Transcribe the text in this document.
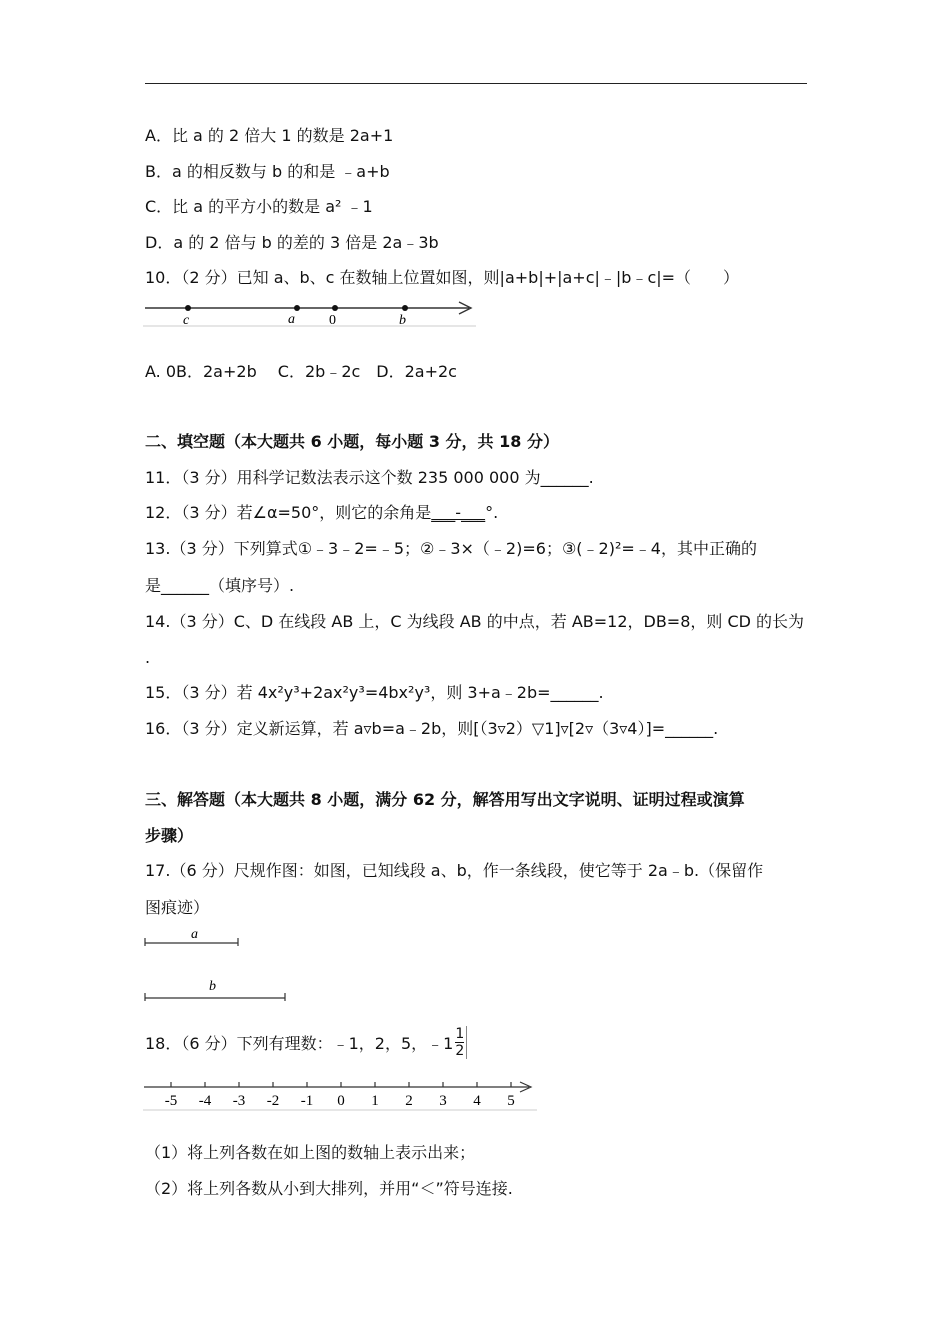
A．比 a 的 2 倍大 1 的数是 2a+1
B．a 的相反数与 b 的和是 ﹣a+b
C．比 a 的平方小的数是 a² ﹣1
D．a 的 2 倍与 b 的差的 3 倍是 2a﹣3b
10．（2 分）已知 a、b、c 在数轴上位置如图，则|a+b|+|a+c|﹣|b﹣c|=（　　）
c	a 0	b
A. 0B．2a+2b　 C．2b﹣2c　D．2a+2c
二、填空题（本大题共 6 小题，每小题 3 分，共 18 分）
11．（3 分）用科学记数法表示这个数 235 000 000 为______.
12．（3 分）若∠α=50°，则它的余角是___-___°.
13.（3 分）下列算式①﹣3﹣2=﹣5；②﹣3×（﹣2)=6；③(﹣2)²=﹣4，其中正确的
是______（填序号）.
14.（3 分）C、D 在线段 AB 上，C 为线段 AB 的中点，若 AB=12，DB=8，则 CD 的长为
.
15．（3 分）若 4x²y³+2ax²y³=4bx²y³，则 3+a﹣2b=______.
16．（3 分）定义新运算，若 a▿b=a﹣2b，则[（3▿2）▽1]▿[2▿（3▿4）]=______.
三、解答题（本大题共 8 小题，满分 62 分，解答用写出文字说明、证明过程或演算
步骤）
17.（6 分）尺规作图：如图，已知线段 a、b，作一条线段，使它等于 2a﹣b.（保留作
图痕迹）
a
b
18．（6 分）下列有理数：﹣1，2，5，﹣1 $\frac{1}{2}$
-5 -4 -3 -2 -1 0 1 2 3 4 5
（1）将上列各数在如上图的数轴上表示出来；
（2）将上列各数从小到大排列，并用“＜”符号连接.
